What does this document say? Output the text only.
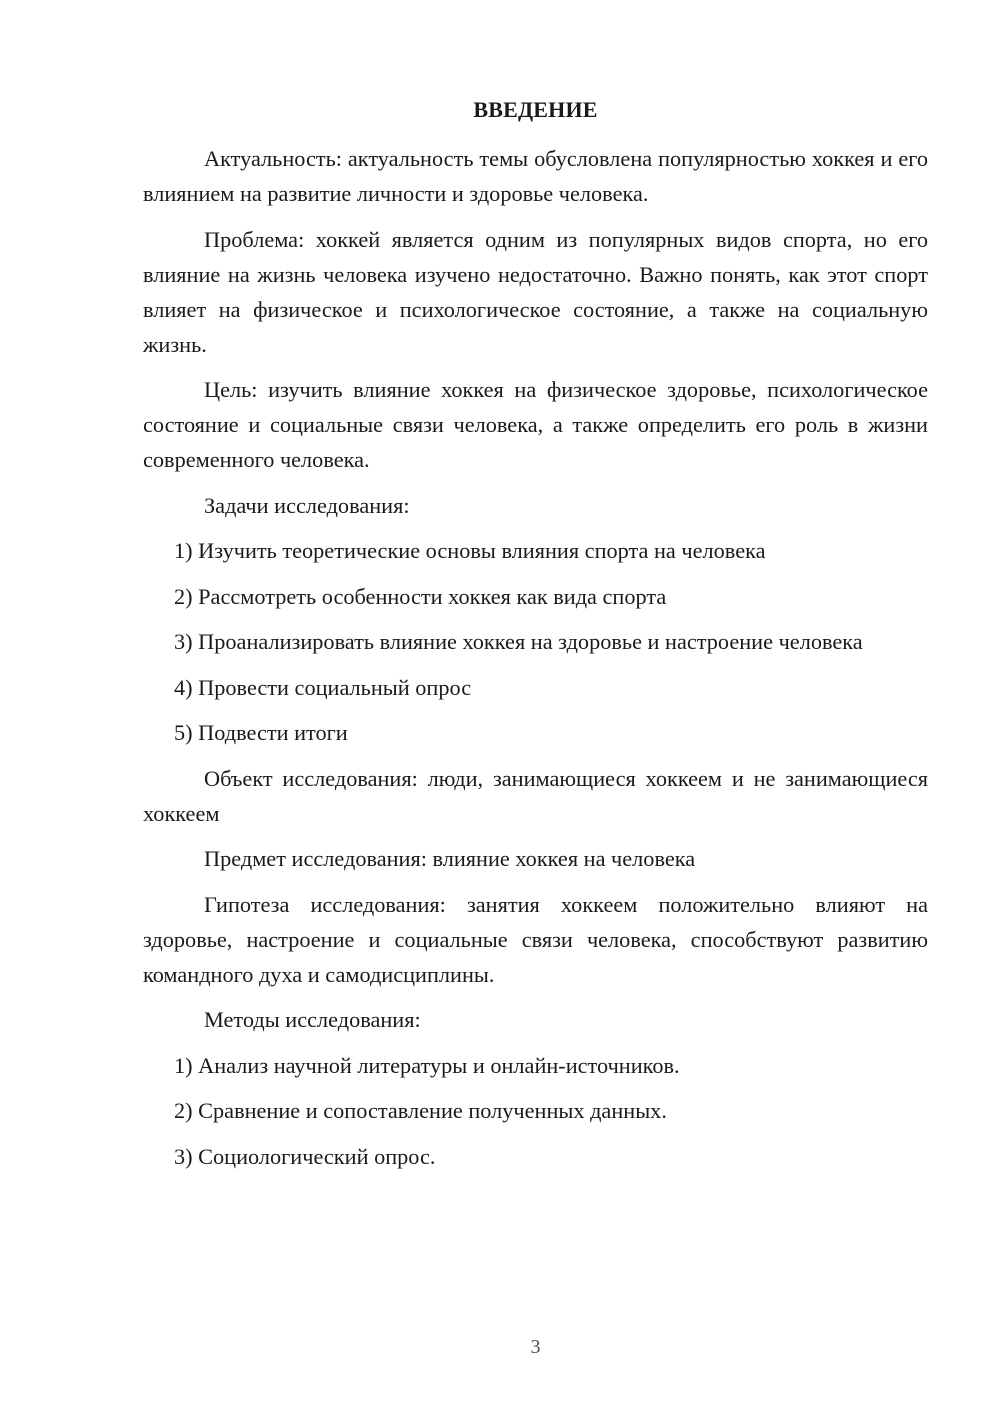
ВВЕДЕНИЕ

Актуальность: актуальность темы обусловлена популярностью хоккея и его влиянием на развитие личности и здоровье человека.

Проблема: хоккей является одним из популярных видов спорта, но его влияние на жизнь человека изучено недостаточно. Важно понять, как этот спорт влияет на физическое и психологическое состояние, а также на социальную жизнь.

Цель: изучить влияние хоккея на физическое здоровье, психологическое состояние и социальные связи человека, а также определить его роль в жизни современного человека.

Задачи исследования:

1) Изучить теоретические основы влияния спорта на человека

2) Рассмотреть особенности хоккея как вида спорта

3) Проанализировать влияние хоккея на здоровье и настроение человека

4) Провести социальный опрос

5) Подвести итоги

Объект исследования: люди, занимающиеся хоккеем и не занимающиеся хоккеем

Предмет исследования: влияние хоккея на человека

Гипотеза исследования: занятия хоккеем положительно влияют на здоровье, настроение и социальные связи человека, способствуют развитию командного духа и самодисциплины.

Методы исследования:

1) Анализ научной литературы и онлайн-источников.

2) Сравнение и сопоставление полученных данных.

3) Социологический опрос.

3
